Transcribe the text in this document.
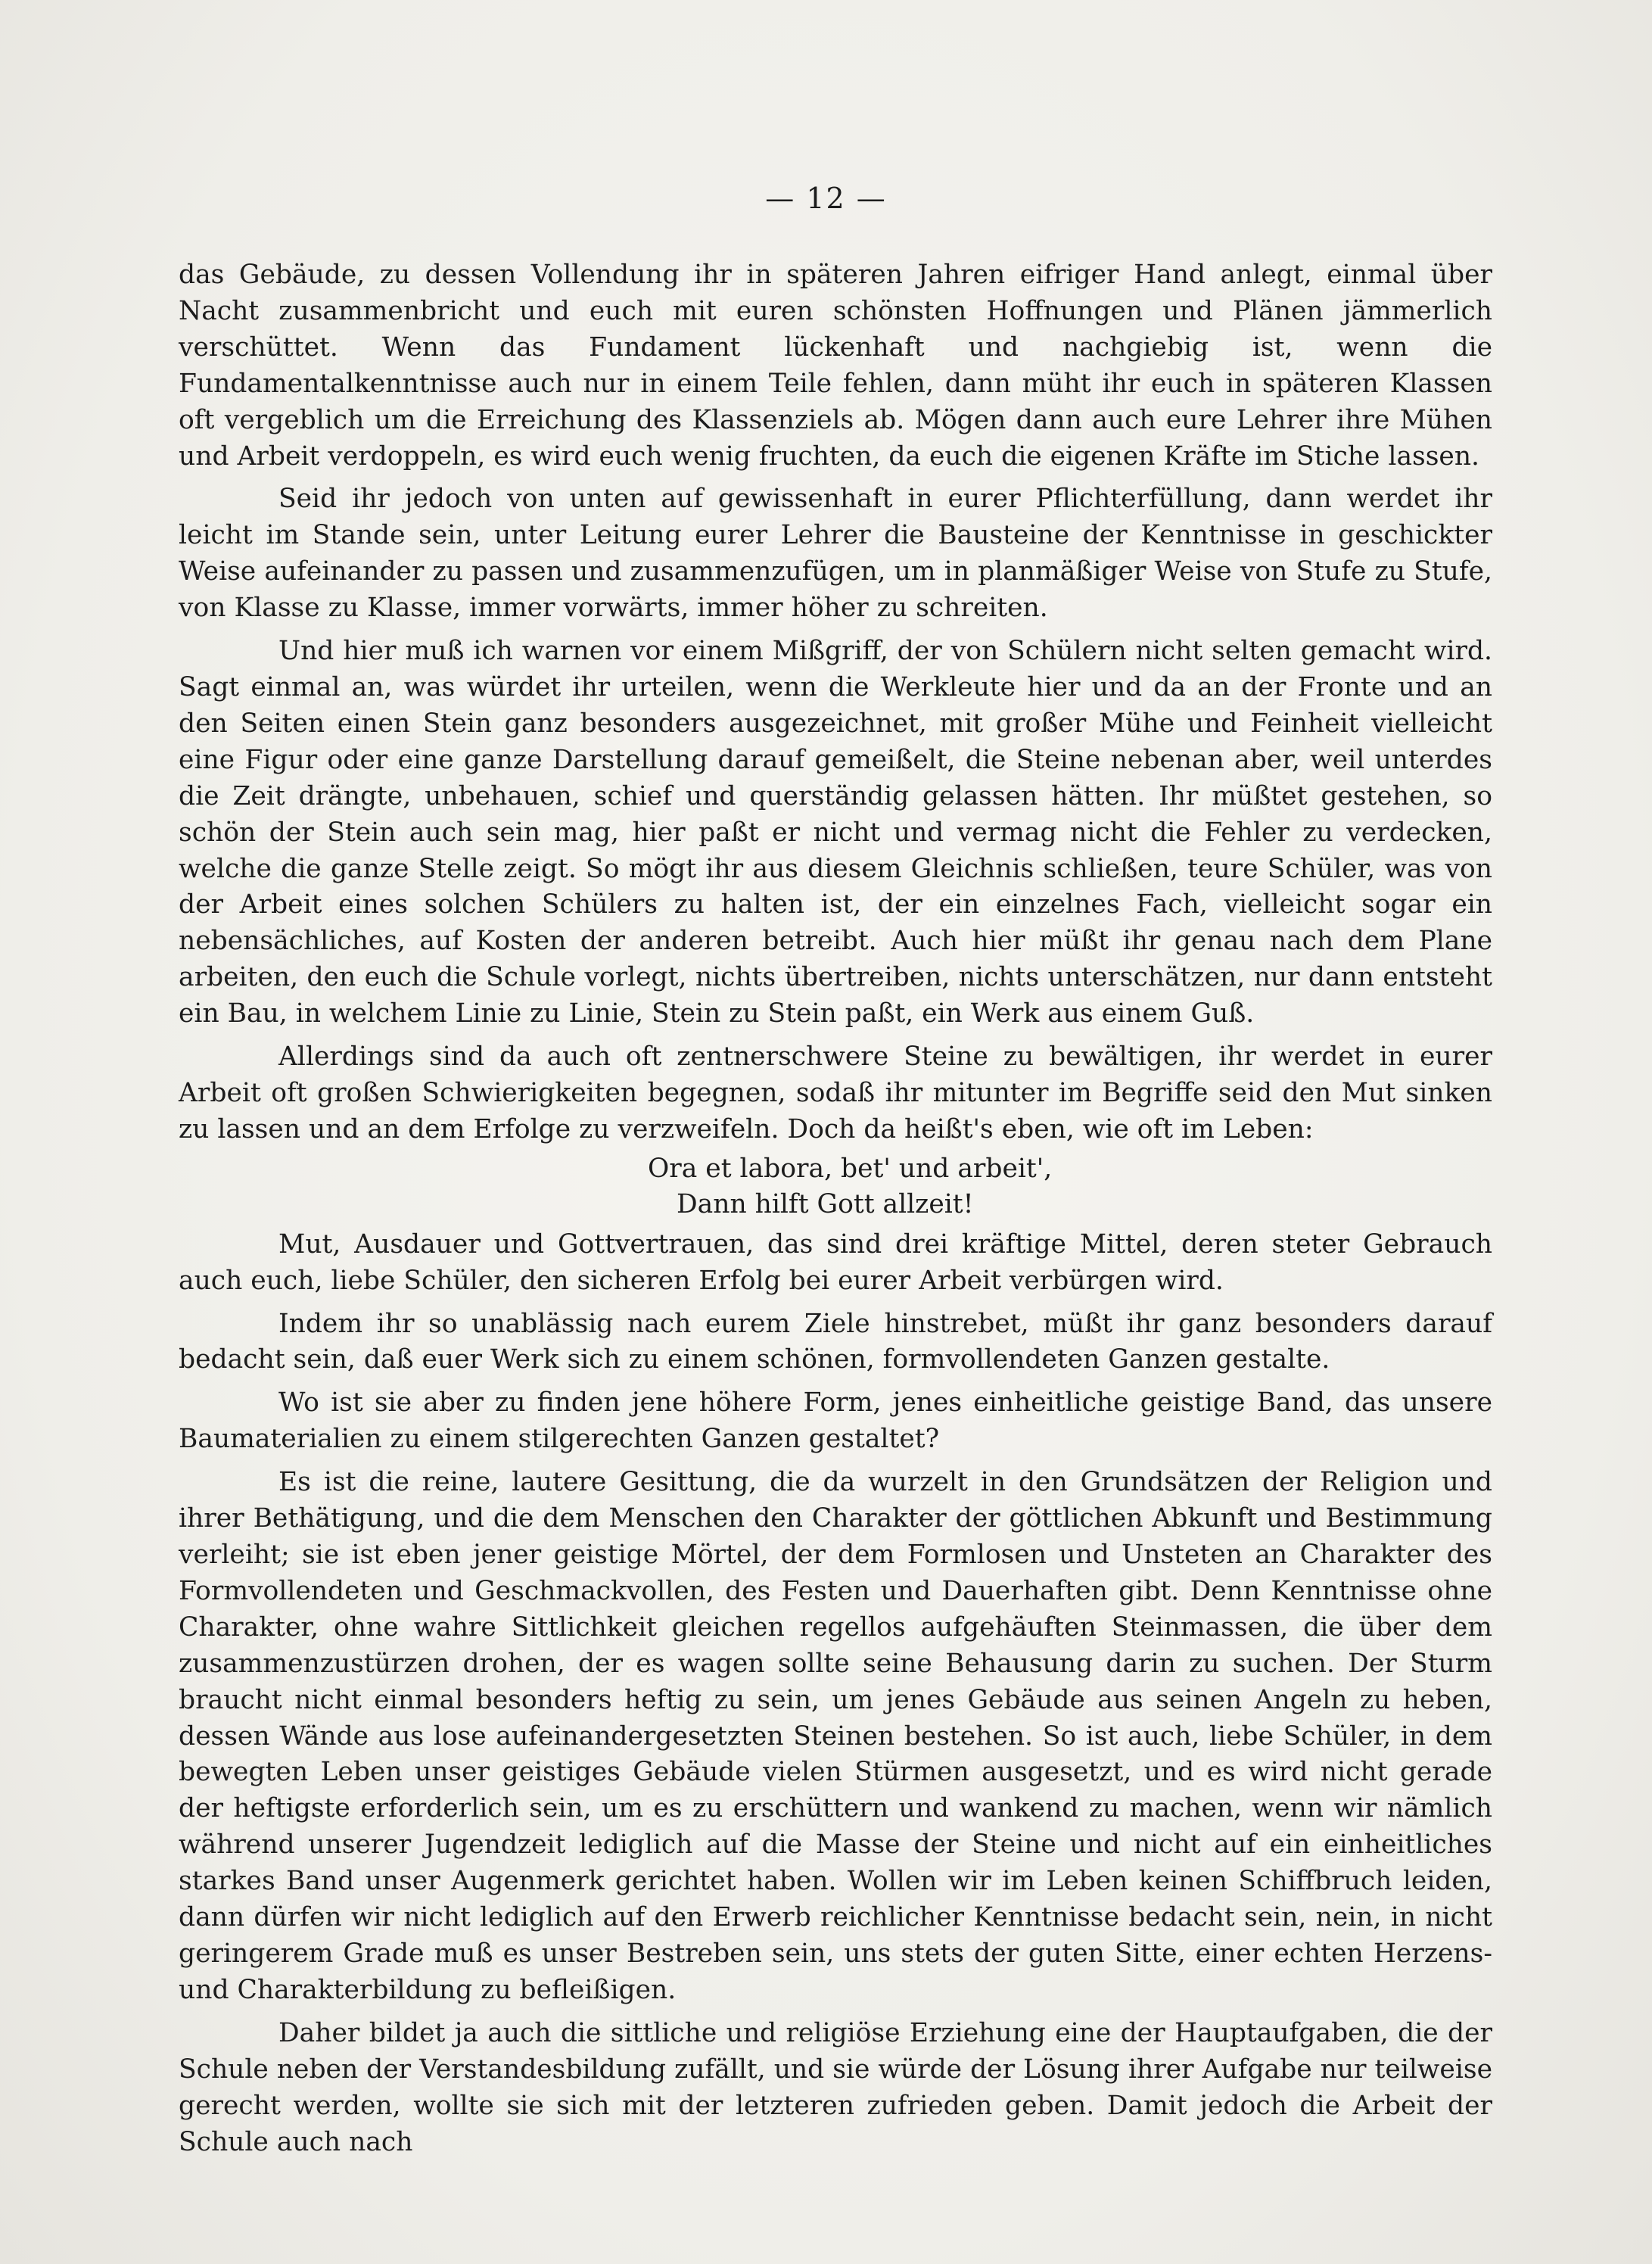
— 12 —

das Gebäude, zu dessen Vollendung ihr in späteren Jahren eifriger Hand anlegt, einmal über Nacht zusammenbricht und euch mit euren schönsten Hoffnungen und Plänen jämmerlich verschüttet. Wenn das Fundament lückenhaft und nachgiebig ist, wenn die Fundamentalkenntnisse auch nur in einem Teile fehlen, dann müht ihr euch in späteren Klassen oft vergeblich um die Erreichung des Klassenziels ab. Mögen dann auch eure Lehrer ihre Mühen und Arbeit verdoppeln, es wird euch wenig fruchten, da euch die eigenen Kräfte im Stiche lassen.

Seid ihr jedoch von unten auf gewissenhaft in eurer Pflichterfüllung, dann werdet ihr leicht im Stande sein, unter Leitung eurer Lehrer die Bausteine der Kenntnisse in geschickter Weise aufeinander zu passen und zusammenzufügen, um in planmäßiger Weise von Stufe zu Stufe, von Klasse zu Klasse, immer vorwärts, immer höher zu schreiten.

Und hier muß ich warnen vor einem Mißgriff, der von Schülern nicht selten gemacht wird. Sagt einmal an, was würdet ihr urteilen, wenn die Werkleute hier und da an der Fronte und an den Seiten einen Stein ganz besonders ausgezeichnet, mit großer Mühe und Feinheit vielleicht eine Figur oder eine ganze Darstellung darauf gemeißelt, die Steine nebenan aber, weil unterdes die Zeit drängte, unbehauen, schief und querständig gelassen hätten. Ihr müßtet gestehen, so schön der Stein auch sein mag, hier paßt er nicht und vermag nicht die Fehler zu verdecken, welche die ganze Stelle zeigt. So mögt ihr aus diesem Gleichnis schließen, teure Schüler, was von der Arbeit eines solchen Schülers zu halten ist, der ein einzelnes Fach, vielleicht sogar ein nebensächliches, auf Kosten der anderen betreibt. Auch hier müßt ihr genau nach dem Plane arbeiten, den euch die Schule vorlegt, nichts übertreiben, nichts unterschätzen, nur dann entsteht ein Bau, in welchem Linie zu Linie, Stein zu Stein paßt, ein Werk aus einem Guß.

Allerdings sind da auch oft zentnerschwere Steine zu bewältigen, ihr werdet in eurer Arbeit oft großen Schwierigkeiten begegnen, sodaß ihr mitunter im Begriffe seid den Mut sinken zu lassen und an dem Erfolge zu verzweifeln. Doch da heißt's eben, wie oft im Leben:

Ora et labora, bet' und arbeit',
Dann hilft Gott allzeit!

Mut, Ausdauer und Gottvertrauen, das sind drei kräftige Mittel, deren steter Gebrauch auch euch, liebe Schüler, den sicheren Erfolg bei eurer Arbeit verbürgen wird.

Indem ihr so unablässig nach eurem Ziele hinstrebet, müßt ihr ganz besonders darauf bedacht sein, daß euer Werk sich zu einem schönen, formvollendeten Ganzen gestalte.

Wo ist sie aber zu finden jene höhere Form, jenes einheitliche geistige Band, das unsere Baumaterialien zu einem stilgerechten Ganzen gestaltet?

Es ist die reine, lautere Gesittung, die da wurzelt in den Grundsätzen der Religion und ihrer Bethätigung, und die dem Menschen den Charakter der göttlichen Abkunft und Bestimmung verleiht; sie ist eben jener geistige Mörtel, der dem Formlosen und Unsteten an Charakter des Formvollendeten und Geschmackvollen, des Festen und Dauerhaften gibt. Denn Kenntnisse ohne Charakter, ohne wahre Sittlichkeit gleichen regellos aufgehäuften Steinmassen, die über dem zusammenzustürzen drohen, der es wagen sollte seine Behausung darin zu suchen. Der Sturm braucht nicht einmal besonders heftig zu sein, um jenes Gebäude aus seinen Angeln zu heben, dessen Wände aus lose aufeinandergesetzten Steinen bestehen. So ist auch, liebe Schüler, in dem bewegten Leben unser geistiges Gebäude vielen Stürmen ausgesetzt, und es wird nicht gerade der heftigste erforderlich sein, um es zu erschüttern und wankend zu machen, wenn wir nämlich während unserer Jugendzeit lediglich auf die Masse der Steine und nicht auf ein einheitliches starkes Band unser Augenmerk gerichtet haben. Wollen wir im Leben keinen Schiffbruch leiden, dann dürfen wir nicht lediglich auf den Erwerb reichlicher Kenntnisse bedacht sein, nein, in nicht geringerem Grade muß es unser Bestreben sein, uns stets der guten Sitte, einer echten Herzens- und Charakterbildung zu befleißigen.

Daher bildet ja auch die sittliche und religiöse Erziehung eine der Hauptaufgaben, die der Schule neben der Verstandesbildung zufällt, und sie würde der Lösung ihrer Aufgabe nur teilweise gerecht werden, wollte sie sich mit der letzteren zufrieden geben. Damit jedoch die Arbeit der Schule auch nach
